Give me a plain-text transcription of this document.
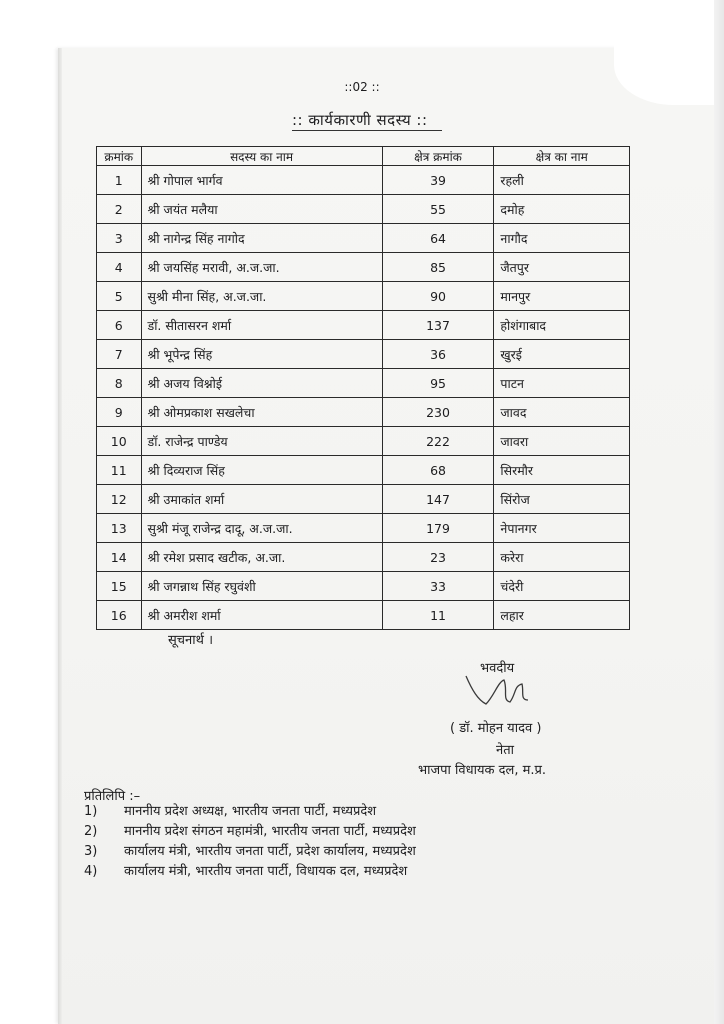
::02 ::
:: कार्यकारणी सदस्य ::
क्रमांक	सदस्य का नाम	क्षेत्र क्रमांक	क्षेत्र का नाम
1	श्री गोपाल भार्गव	39	रहली
2	श्री जयंत मलैया	55	दमोह
3	श्री नागेन्द्र सिंह नागोद	64	नागौद
4	श्री जयसिंह मरावी, अ.ज.जा.	85	जैतपुर
5	सुश्री मीना सिंह, अ.ज.जा.	90	मानपुर
6	डॉ. सीतासरन शर्मा	137	होशंगाबाद
7	श्री भूपेन्द्र सिंह	36	खुरई
8	श्री अजय विश्नोई	95	पाटन
9	श्री ओमप्रकाश सखलेचा	230	जावद
10	डॉ. राजेन्द्र पाण्डेय	222	जावरा
11	श्री दिव्यराज सिंह	68	सिरमौर
12	श्री उमाकांत शर्मा	147	सिंरोज
13	सुश्री मंजू राजेन्द्र दादू, अ.ज.जा.	179	नेपानगर
14	श्री रमेश प्रसाद खटीक, अ.जा.	23	करेरा
15	श्री जगन्नाथ सिंह रघुवंशी	33	चंदेरी
16	श्री अमरीश शर्मा	11	लहार
सूचनार्थ ।
भवदीय
( डॉ. मोहन यादव )
नेता
भाजपा विधायक दल, म.प्र.
प्रतिलिपि :–
1) माननीय प्रदेश अध्यक्ष, भारतीय जनता पार्टी, मध्यप्रदेश
2) माननीय प्रदेश संगठन महामंत्री, भारतीय जनता पार्टी, मध्यप्रदेश
3) कार्यालय मंत्री, भारतीय जनता पार्टी, प्रदेश कार्यालय, मध्यप्रदेश
4) कार्यालय मंत्री, भारतीय जनता पार्टी, विधायक दल, मध्यप्रदेश
